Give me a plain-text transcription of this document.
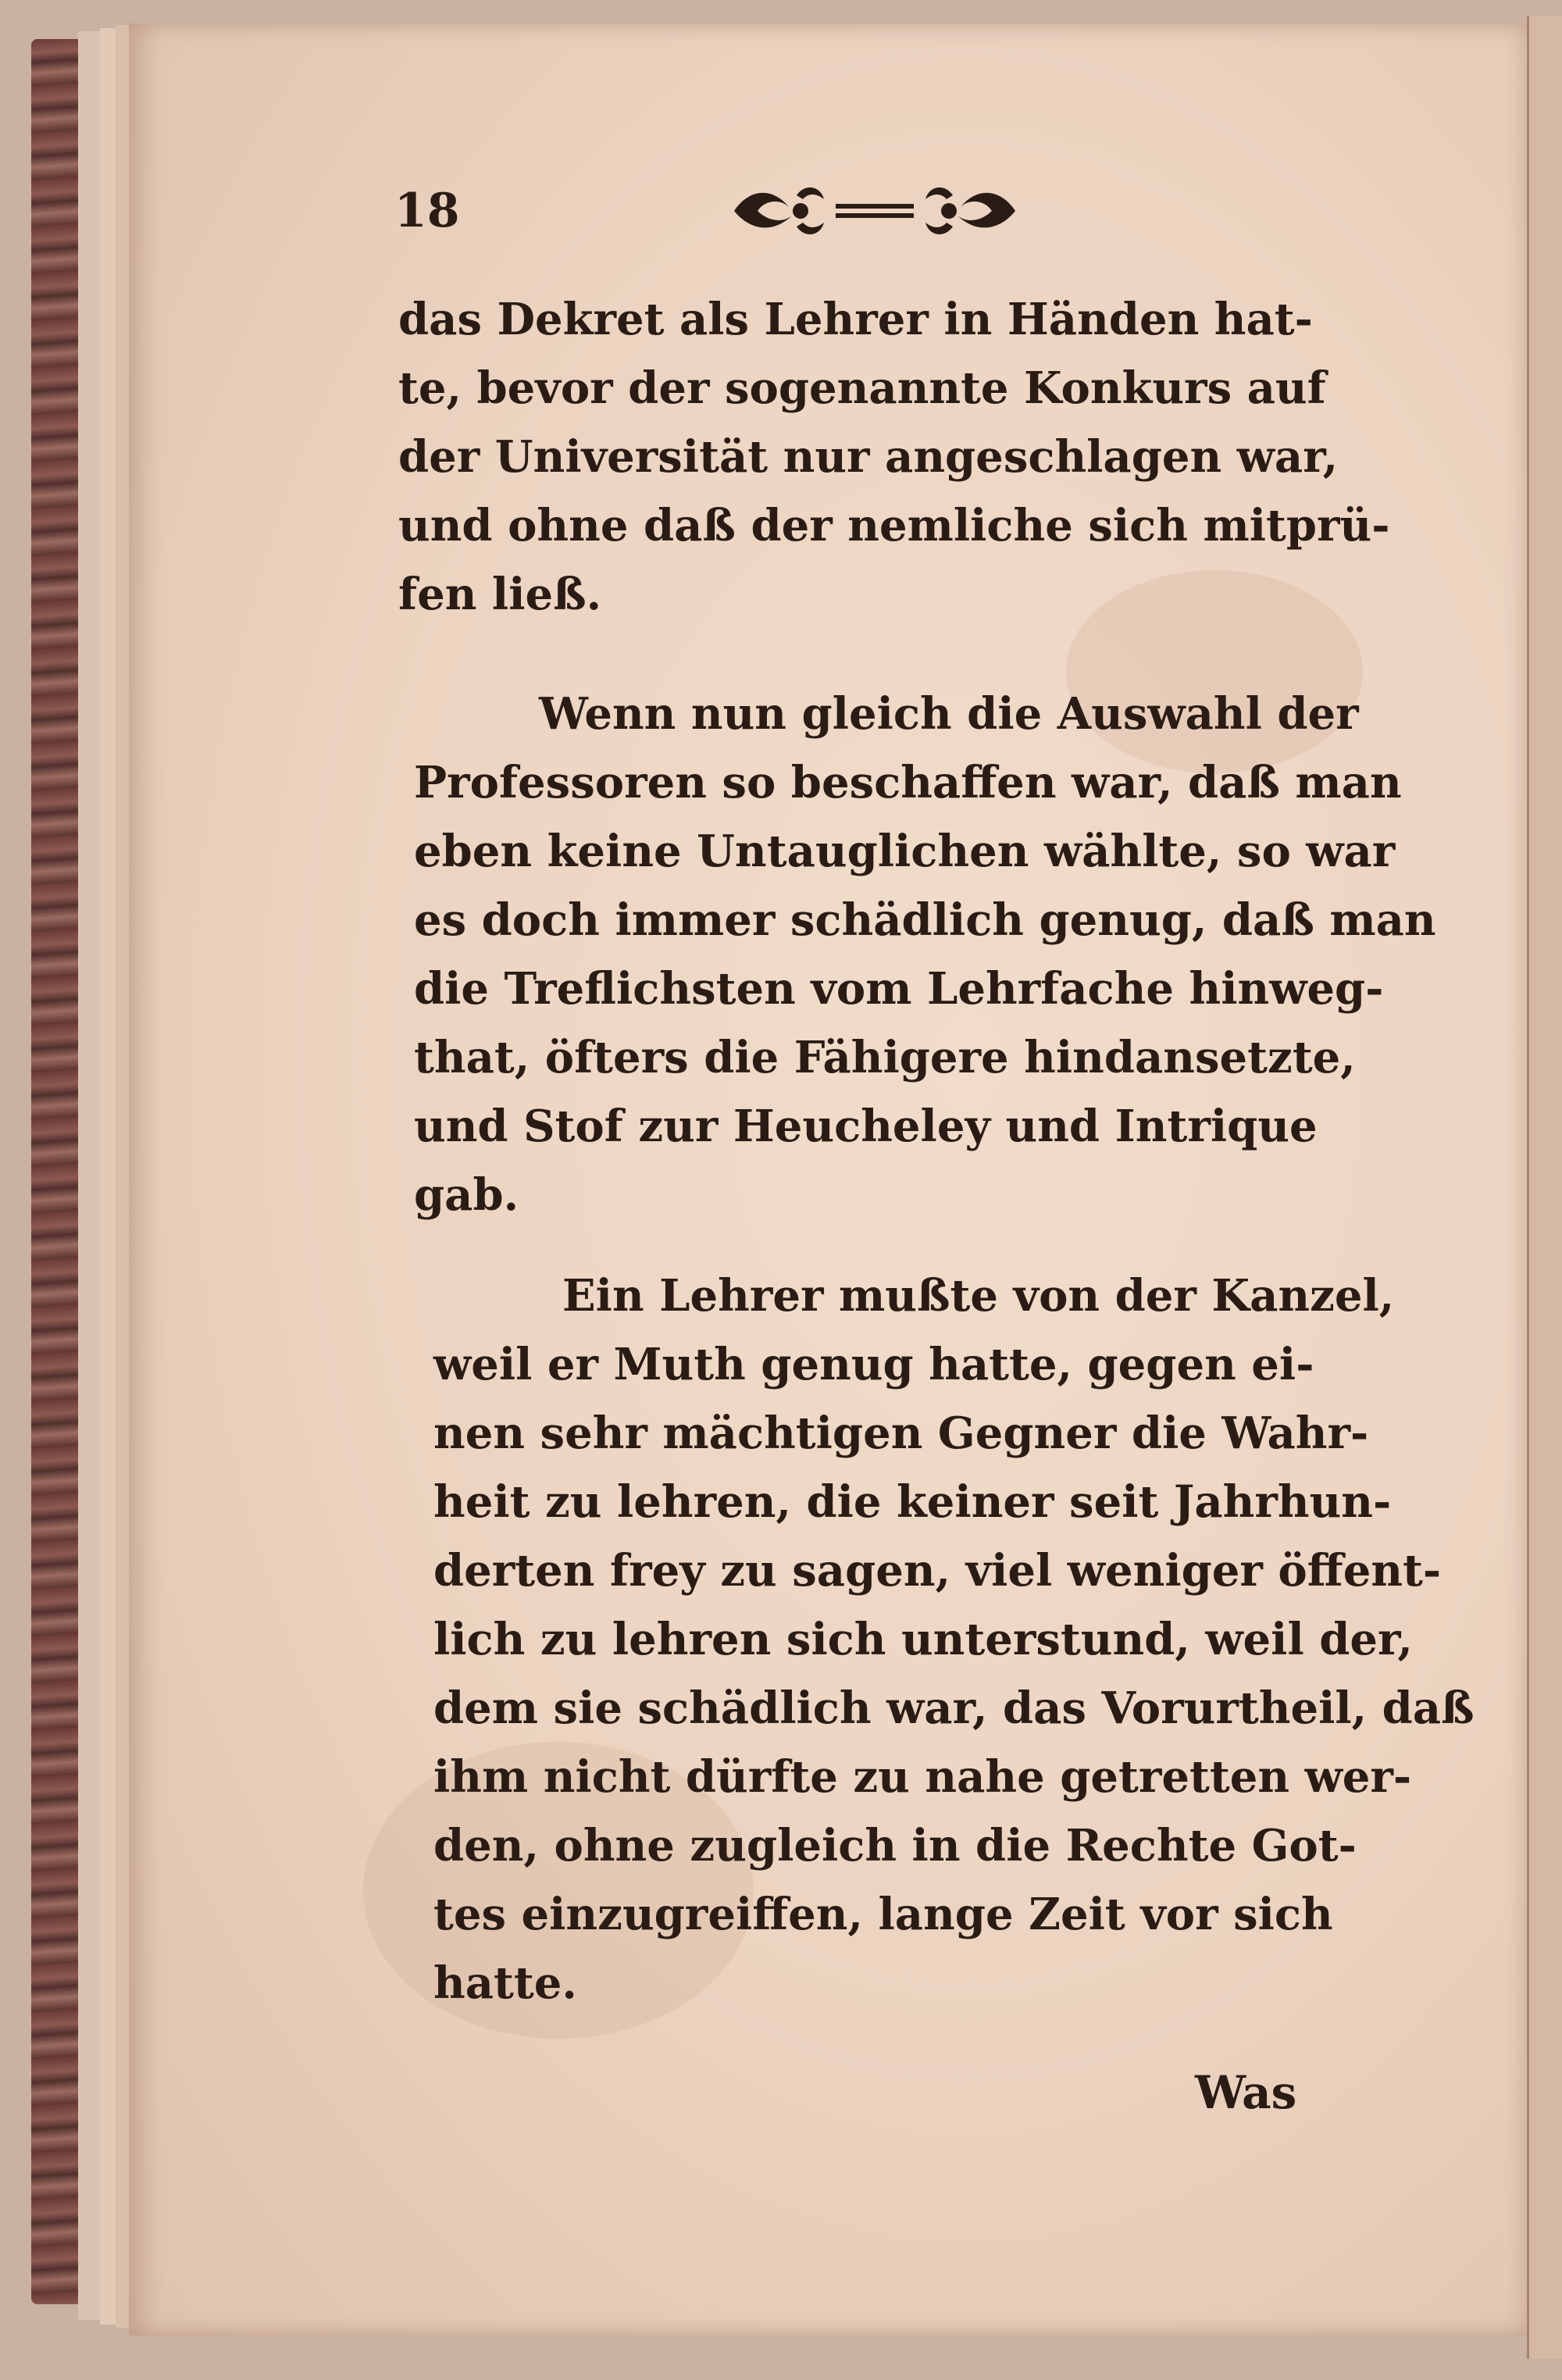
18
das Dekret als Lehrer in Händen hat-
te, bevor der sogenannte Konkurs auf
der Universität nur angeschlagen war,
und ohne daß der nemliche sich mitprü-
fen ließ.
Wenn nun gleich die Auswahl der
Professoren so beschaffen war, daß man
eben keine Untauglichen wählte, so war
es doch immer schädlich genug, daß man
die Treflichsten vom Lehrfache hinweg-
that, öfters die Fähigere hindansetzte,
und Stof zur Heucheley und Intrique
gab.
Ein Lehrer mußte von der Kanzel,
weil er Muth genug hatte, gegen ei-
nen sehr mächtigen Gegner die Wahr-
heit zu lehren, die keiner seit Jahrhun-
derten frey zu sagen, viel weniger öffent-
lich zu lehren sich unterstund, weil der,
dem sie schädlich war, das Vorurtheil, daß
ihm nicht dürfte zu nahe getretten wer-
den, ohne zugleich in die Rechte Got-
tes einzugreiffen, lange Zeit vor sich
hatte.
Was
